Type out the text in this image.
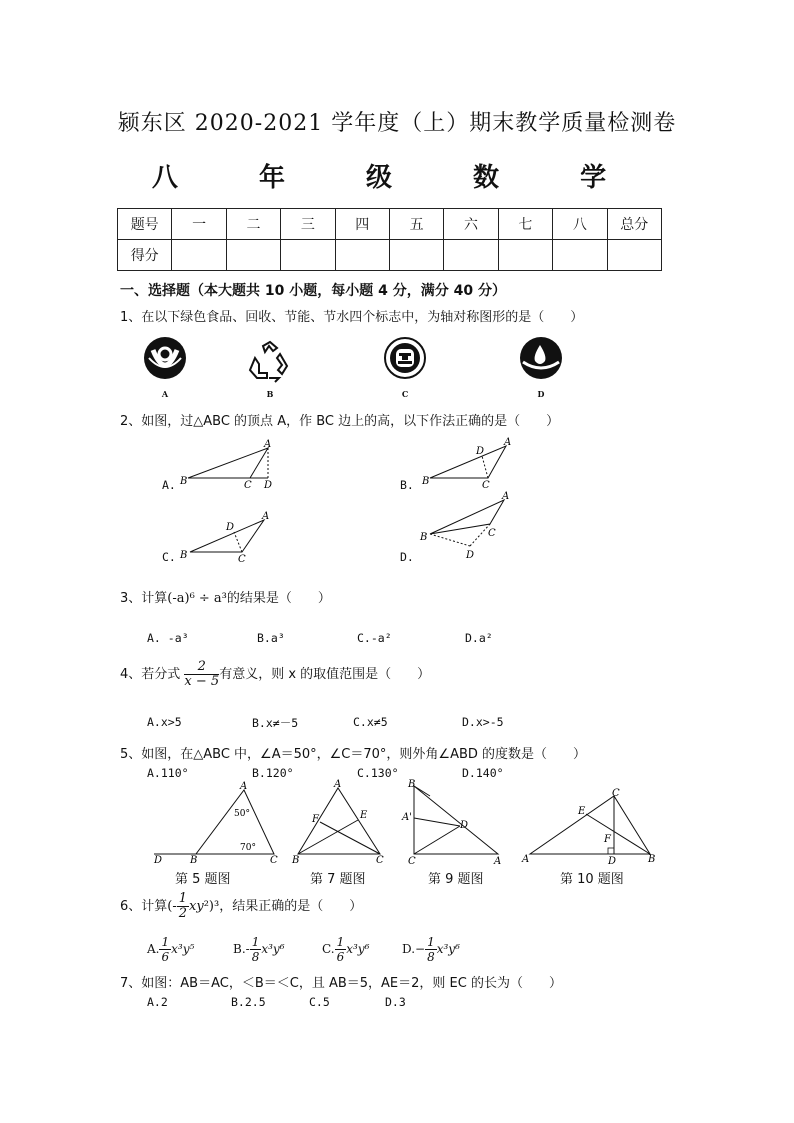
颍东区 2020-2021 学年度（上）期末教学质量检测卷
八 年 级 数 学
题号	一	二	三	四	五	六	七	八	总分
得分									
一、选择题（本大题共 10 小题，每小题 4 分，满分 40 分）
1、在以下绿色食品、回收、节能、节水四个标志中，为轴对称图形的是（　　）
A	B	C	D
2、如图，过△ABC 的顶点 A，作 BC 边上的高，以下作法正确的是（　　）
A.	B.
C.	D.
B	C D
A
B	C
D
A
B	C
D
A
B	C
D
A
3、计算(-a)⁶ ÷ a³的结果是（　　）
A. -a³	B.a³	C.-a²	D.a²
4、若分式 $\frac{2}{x - 5}$ 有意义，则 x 的取值范围是（　　）
A.x>5	B.x≠－5	C.x≠5	D.x>-5
5、如图，在△ABC 中，∠A＝50°，∠C＝70°，则外角∠ABD 的度数是（　　）
A.110°	B.120°	C.130°	D.140°
D	B	C
A
50°
70°
B	C
A
F	E
B
A'
C	A
D
A	B
C
D
E
F
第 5 题图	第 7 题图	第 9 题图	第 10 题图
6、计算(- $\frac{1}{2} xy^2)^3$，结果正确的是（　　）
A. $\frac{1}{6} x^3y^5$	$B.- \frac{1}{8} x^3y^6$	C. $\frac{1}{6} x^3y^6$	$D.- \frac{1}{8} x^3y^6$
7、如图：AB＝AC，＜B＝＜C，且 AB＝5，AE＝2，则 EC 的长为（　　）
A.2	B.2.5	C.5	D.3
